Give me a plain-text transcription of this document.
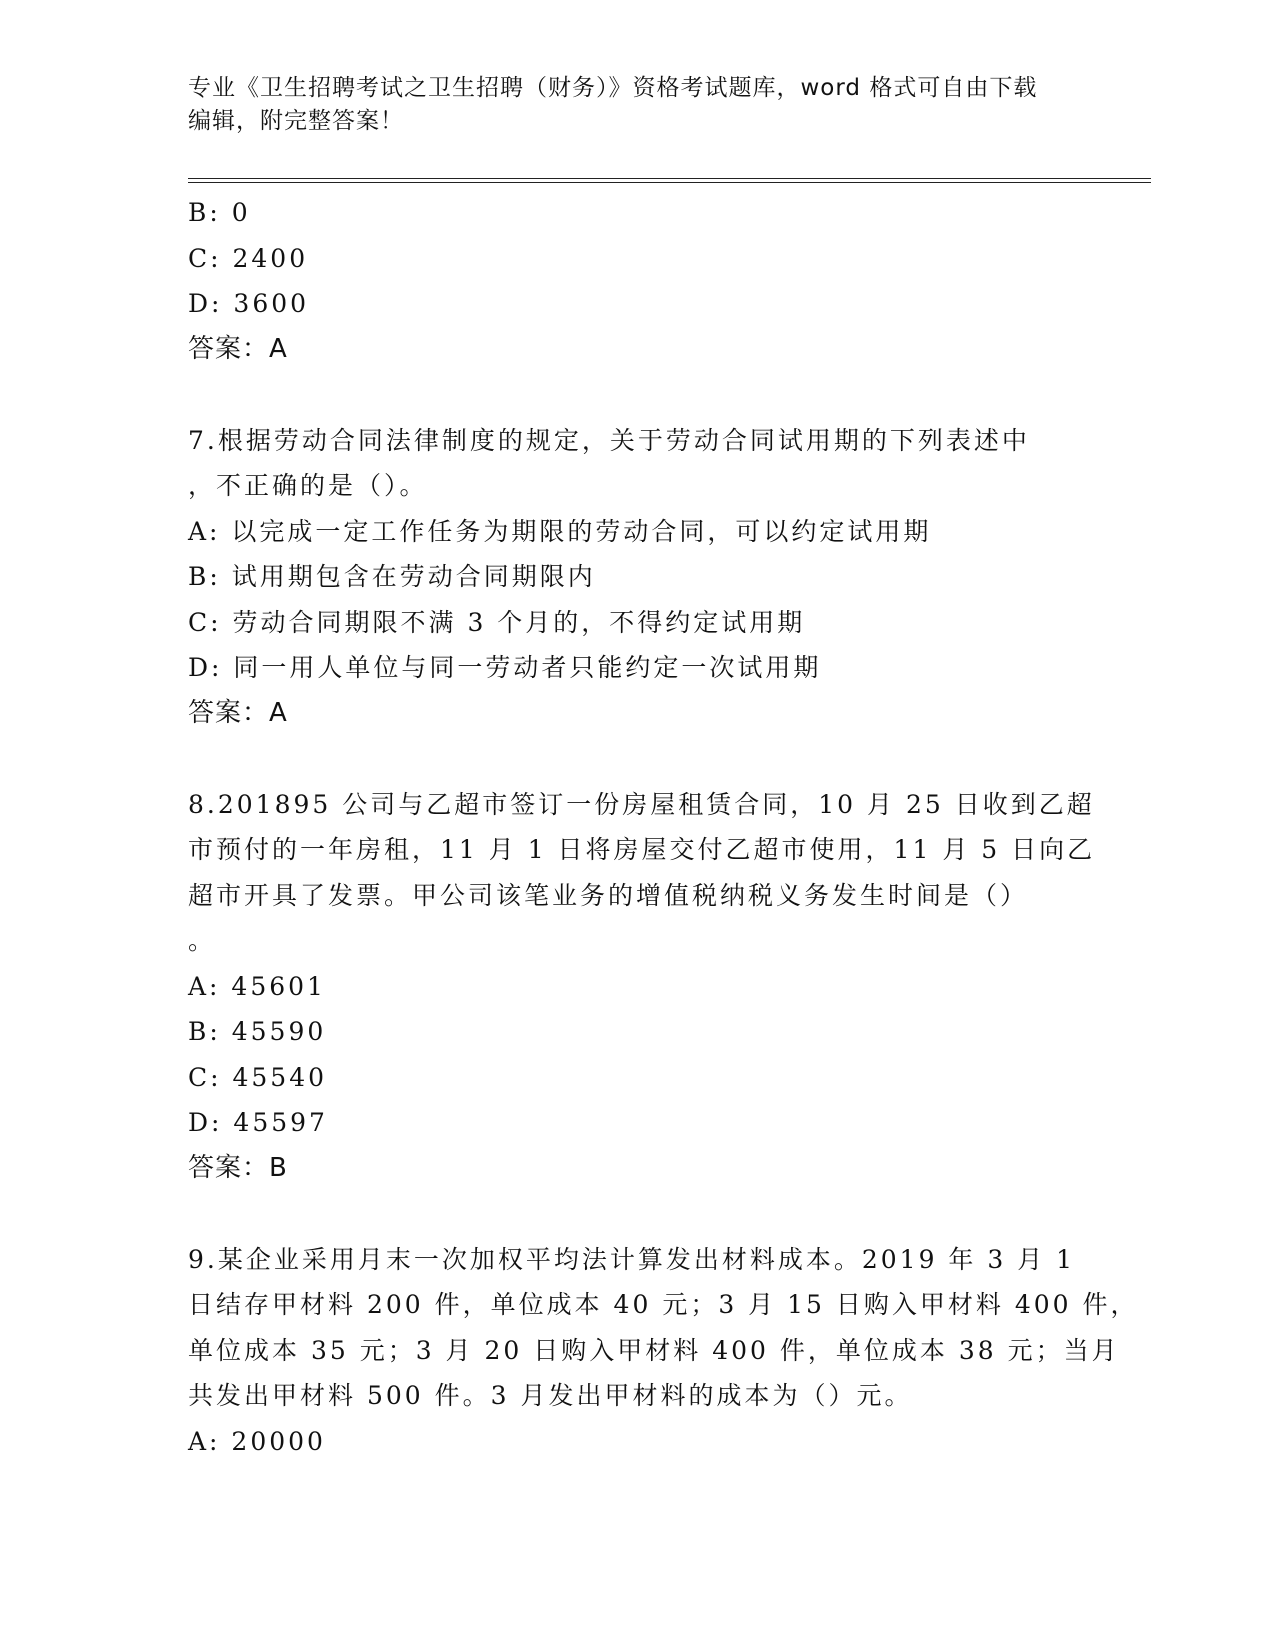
专业《卫生招聘考试之卫生招聘（财务）》资格考试题库，word 格式可自由下载
编辑，附完整答案！
B: 0
C: 2400
D: 3600
答案：A
7.根据劳动合同法律制度的规定，关于劳动合同试用期的下列表述中
，不正确的是（）。
A: 以完成一定工作任务为期限的劳动合同，可以约定试用期
B: 试用期包含在劳动合同期限内
C: 劳动合同期限不满 3 个月的，不得约定试用期
D: 同一用人单位与同一劳动者只能约定一次试用期
答案：A
8.201895 公司与乙超市签订一份房屋租赁合同，10 月 25 日收到乙超
市预付的一年房租，11 月 1 日将房屋交付乙超市使用，11 月 5 日向乙
超市开具了发票。甲公司该笔业务的增值税纳税义务发生时间是（）
。
A: 45601
B: 45590
C: 45540
D: 45597
答案：B
9.某企业采用月末一次加权平均法计算发出材料成本。2019 年 3 月 1
日结存甲材料 200 件，单位成本 40 元；3 月 15 日购入甲材料 400 件，
单位成本 35 元；3 月 20 日购入甲材料 400 件，单位成本 38 元；当月
共发出甲材料 500 件。3 月发出甲材料的成本为（）元。
A: 20000
